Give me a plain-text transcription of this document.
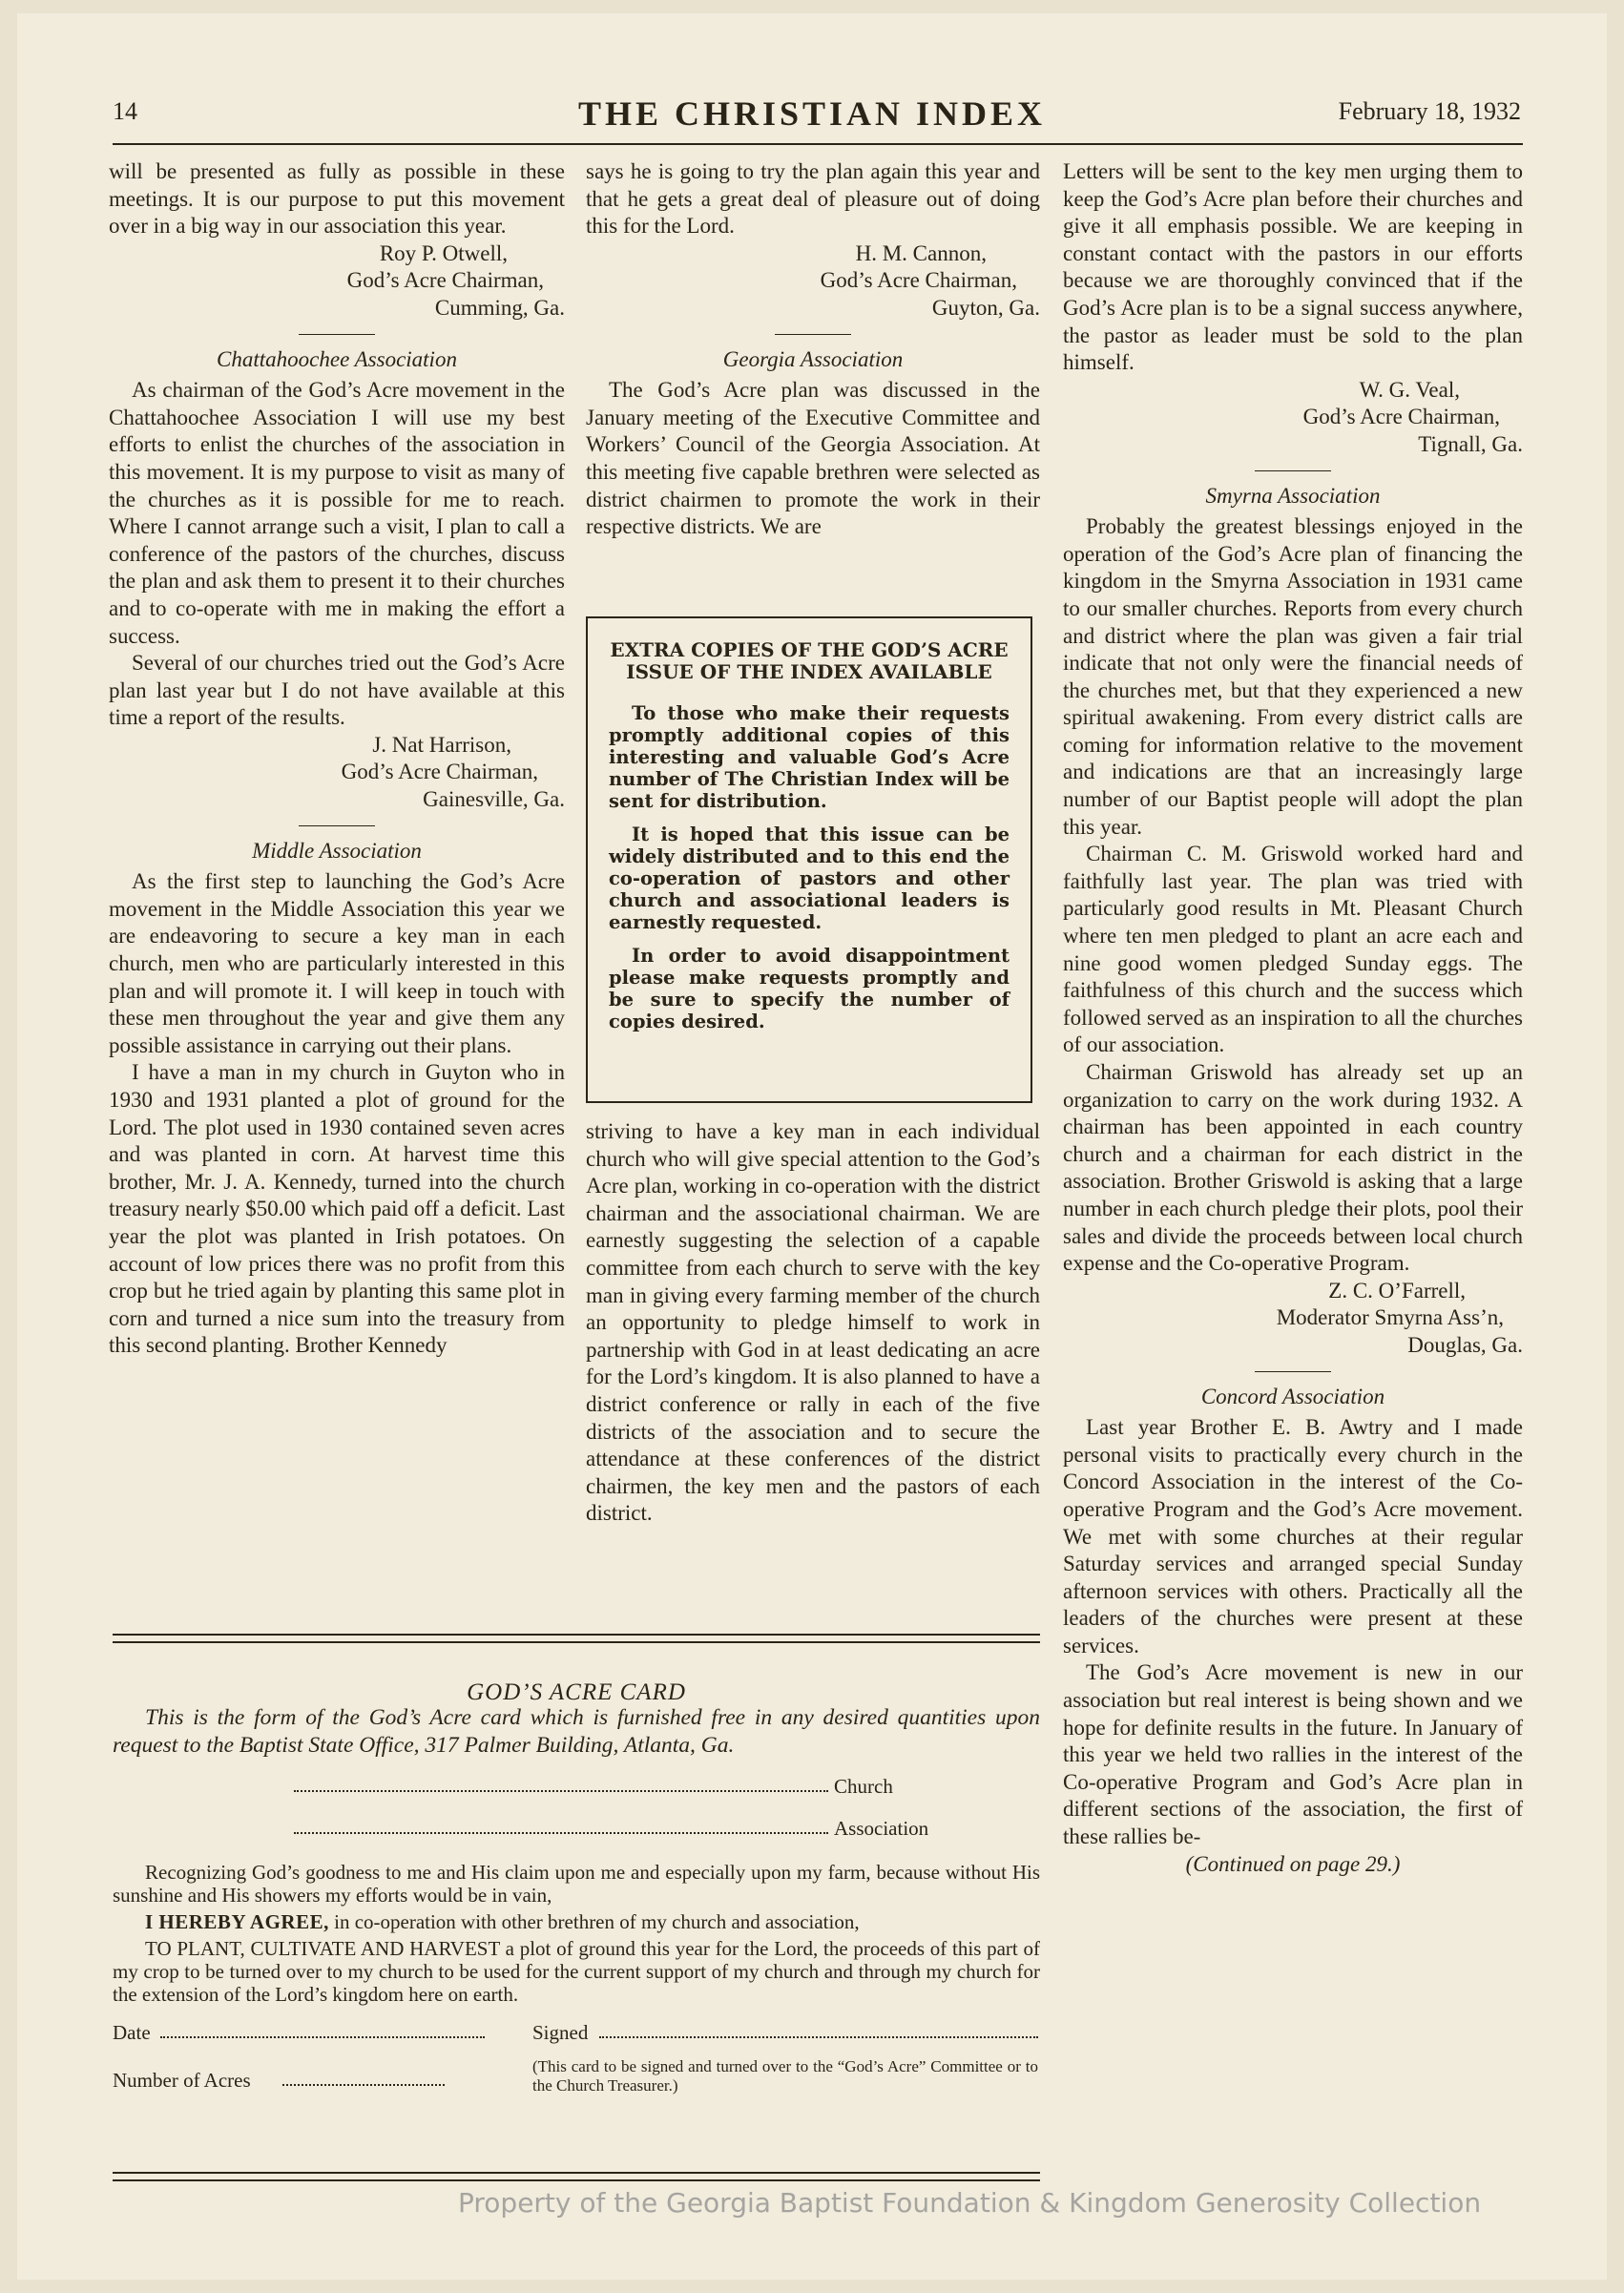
14	THE CHRISTIAN INDEX	February 18, 1932

will be presented as fully as possible in these meetings. It is our purpose to put this movement over in a big way in our association this year.

Roy P. Otwell,
God’s Acre Chairman,
Cumming, Ga.
Chattahoochee Association

As chairman of the God’s Acre movement in the Chattahoochee Association I will use my best efforts to enlist the churches of the association in this movement. It is my purpose to visit as many of the churches as it is possible for me to reach. Where I cannot arrange such a visit, I plan to call a conference of the pastors of the churches, discuss the plan and ask them to present it to their churches and to co-operate with me in making the effort a success.

Several of our churches tried out the God’s Acre plan last year but I do not have available at this time a report of the results.

J. Nat Harrison,
God’s Acre Chairman,
Gainesville, Ga.
Middle Association

As the first step to launching the God’s Acre movement in the Middle Association this year we are endeavoring to secure a key man in each church, men who are particularly interested in this plan and will promote it. I will keep in touch with these men throughout the year and give them any possible assistance in carrying out their plans.

I have a man in my church in Guyton who in 1930 and 1931 planted a plot of ground for the Lord. The plot used in 1930 contained seven acres and was planted in corn. At harvest time this brother, Mr. J. A. Kennedy, turned into the church treasury nearly $50.00 which paid off a deficit. Last year the plot was planted in Irish potatoes. On account of low prices there was no profit from this crop but he tried again by planting this same plot in corn and turned a nice sum into the treasury from this second planting. Brother Kennedy

says he is going to try the plan again this year and that he gets a great deal of pleasure out of doing this for the Lord.

H. M. Cannon,
God’s Acre Chairman,
Guyton, Ga.
Georgia Association

The God’s Acre plan was discussed in the January meeting of the Executive Committee and Workers’ Council of the Georgia Association. At this meeting five capable brethren were selected as district chairmen to promote the work in their respective districts. We are

EXTRA COPIES OF THE GOD’S ACRE ISSUE OF THE INDEX AVAILABLE

To those who make their requests promptly additional copies of this interesting and valuable God’s Acre number of The Christian Index will be sent for distribution.

It is hoped that this issue can be widely distributed and to this end the co-operation of pastors and other church and associational leaders is earnestly requested.

In order to avoid disappointment please make requests promptly and be sure to specify the number of copies desired.

striving to have a key man in each individual church who will give special attention to the God’s Acre plan, working in co-operation with the district chairman and the associational chairman. We are earnestly suggesting the selection of a capable committee from each church to serve with the key man in giving every farming member of the church an opportunity to pledge himself to work in partnership with God in at least dedicating an acre for the Lord’s kingdom. It is also planned to have a district conference or rally in each of the five districts of the association and to secure the attendance at these conferences of the district chairmen, the key men and the pastors of each district.

Letters will be sent to the key men urging them to keep the God’s Acre plan before their churches and give it all emphasis possible. We are keeping in constant contact with the pastors in our efforts because we are thoroughly convinced that if the God’s Acre plan is to be a signal success anywhere, the pastor as leader must be sold to the plan himself.

W. G. Veal,
God’s Acre Chairman,
Tignall, Ga.
Smyrna Association

Probably the greatest blessings enjoyed in the operation of the God’s Acre plan of financing the kingdom in the Smyrna Association in 1931 came to our smaller churches. Reports from every church and district where the plan was given a fair trial indicate that not only were the financial needs of the churches met, but that they experienced a new spiritual awakening. From every district calls are coming for information relative to the movement and indications are that an increasingly large number of our Baptist people will adopt the plan this year.

Chairman C. M. Griswold worked hard and faithfully last year. The plan was tried with particularly good results in Mt. Pleasant Church where ten men pledged to plant an acre each and nine good women pledged Sunday eggs. The faithfulness of this church and the success which followed served as an inspiration to all the churches of our association.

Chairman Griswold has already set up an organization to carry on the work during 1932. A chairman has been appointed in each country church and a chairman for each district in the association. Brother Griswold is asking that a large number in each church pledge their plots, pool their sales and divide the proceeds between local church expense and the Co-operative Program.

Z. C. O’Farrell,
Moderator Smyrna Ass’n,
Douglas, Ga.
Concord Association

Last year Brother E. B. Awtry and I made personal visits to practically every church in the Concord Association in the interest of the Co-operative Program and the God’s Acre movement. We met with some churches at their regular Saturday services and arranged special Sunday afternoon services with others. Practically all the leaders of the churches were present at these services.

The God’s Acre movement is new in our association but real interest is being shown and we hope for definite results in the future. In January of this year we held two rallies in the interest of the Co-operative Program and God’s Acre plan in different sections of the association, the first of these rallies be-

(Continued on page 29.)
GOD’S ACRE CARD

This is the form of the God’s Acre card which is furnished free in any desired quantities upon request to the Baptist State Office, 317 Palmer Building, Atlanta, Ga.

Church
Association

Recognizing God’s goodness to me and His claim upon me and especially upon my farm, because without His sunshine and His showers my efforts would be in vain,

I HEREBY AGREE, in co-operation with other brethren of my church and association,

TO PLANT, CULTIVATE AND HARVEST a plot of ground this year for the Lord, the proceeds of this part of my crop to be turned over to my church to be used for the current support of my church and through my church for the extension of the Lord’s kingdom here on earth.

Date	Signed
Number of Acres
(This card to be signed and turned over to the “God’s Acre” Committee or to the Church Treasurer.)
Property of the Georgia Baptist Foundation & Kingdom Generosity Collection
